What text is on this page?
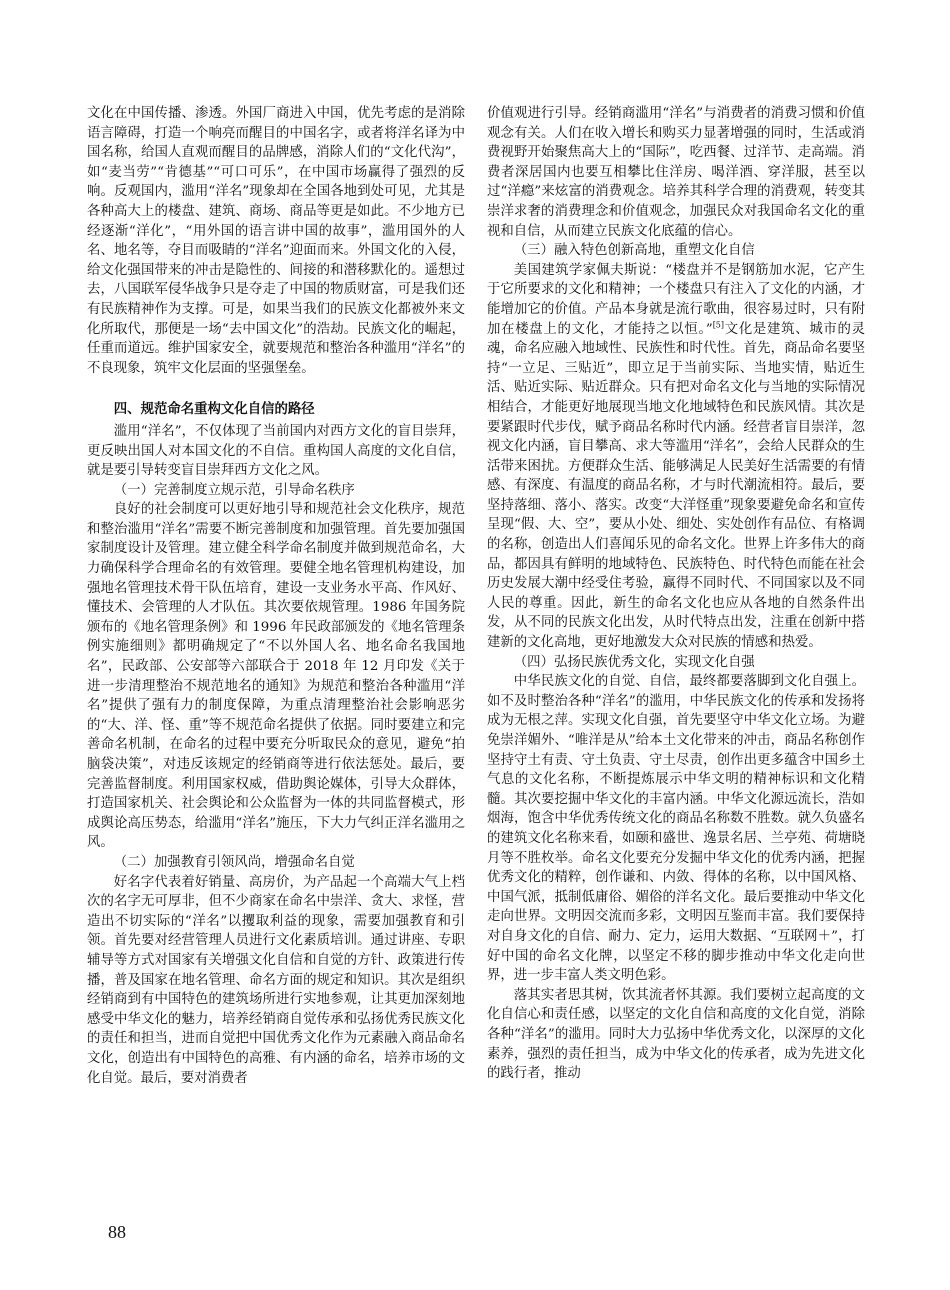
文化在中国传播、渗透。外国厂商进入中国，优先考虑的是消除语言障碍，打造一个响亮而醒目的中国名字，或者将洋名译为中国名称，给国人直观而醒目的品牌感，消除人们的“文化代沟”，如“麦当劳”“肯德基”“可口可乐”，在中国市场赢得了强烈的反响。反观国内，滥用“洋名”现象却在全国各地到处可见，尤其是各种高大上的楼盘、建筑、商场、商品等更是如此。不少地方已经逐渐“洋化”，“用外国的语言讲中国的故事”，滥用国外的人名、地名等，夺目而吸睛的“洋名”迎面而来。外国文化的入侵，给文化强国带来的冲击是隐性的、间接的和潜移默化的。遥想过去，八国联军侵华战争只是夺走了中国的物质财富，可是我们还有民族精神作为支撑。可是，如果当我们的民族文化都被外来文化所取代，那便是一场“去中国文化”的浩劫。民族文化的崛起，任重而道远。维护国家安全，就要规范和整治各种滥用“洋名”的不良现象，筑牢文化层面的坚强堡垒。

四、规范命名重构文化自信的路径

滥用“洋名”，不仅体现了当前国内对西方文化的盲目崇拜，更反映出国人对本国文化的不自信。重构国人高度的文化自信，就是要引导转变盲目崇拜西方文化之风。

（一）完善制度立规示范，引导命名秩序

良好的社会制度可以更好地引导和规范社会文化秩序，规范和整治滥用“洋名”需要不断完善制度和加强管理。首先要加强国家制度设计及管理。建立健全科学命名制度并做到规范命名，大力确保科学合理命名的有效管理。要健全地名管理机构建设，加强地名管理技术骨干队伍培育，建设一支业务水平高、作风好、懂技术、会管理的人才队伍。其次要依规管理。1986 年国务院颁布的《地名管理条例》和 1996 年民政部颁发的《地名管理条例实施细则》都明确规定了“不以外国人名、地名命名我国地名”，民政部、公安部等六部联合于 2018 年 12 月印发《关于进一步清理整治不规范地名的通知》为规范和整治各种滥用“洋名”提供了强有力的制度保障，为重点清理整治社会影响恶劣的“大、洋、怪、重”等不规范命名提供了依据。同时要建立和完善命名机制，在命名的过程中要充分听取民众的意见，避免“拍脑袋决策”，对违反该规定的经销商等进行依法惩处。最后，要完善监督制度。利用国家权威，借助舆论媒体，引导大众群体，打造国家机关、社会舆论和公众监督为一体的共同监督模式，形成舆论高压势态，给滥用“洋名”施压，下大力气纠正洋名滥用之风。

（二）加强教育引领风尚，增强命名自觉

好名字代表着好销量、高房价，为产品起一个高端大气上档次的名字无可厚非，但不少商家在命名中崇洋、贪大、求怪，营造出不切实际的“洋名”以攫取利益的现象，需要加强教育和引领。首先要对经营管理人员进行文化素质培训。通过讲座、专职辅导等方式对国家有关增强文化自信和自觉的方针、政策进行传播，普及国家在地名管理、命名方面的规定和知识。其次是组织经销商到有中国特色的建筑场所进行实地参观，让其更加深刻地感受中华文化的魅力，培养经销商自觉传承和弘扬优秀民族文化的责任和担当，进而自觉把中国优秀文化作为元素融入商品命名文化，创造出有中国特色的高雅、有内涵的命名，培养市场的文化自觉。最后，要对消费者

价值观进行引导。经销商滥用“洋名”与消费者的消费习惯和价值观念有关。人们在收入增长和购买力显著增强的同时，生活或消费视野开始聚焦高大上的“国际”，吃西餐、过洋节、走高端。消费者深居国内也要互相攀比住洋房、喝洋酒、穿洋服，甚至以过“洋瘾”来炫富的消费观念。培养其科学合理的消费观，转变其崇洋求奢的消费理念和价值观念，加强民众对我国命名文化的重视和自信，从而建立民族文化底蕴的信心。

（三）融入特色创新高地，重塑文化自信

美国建筑学家佩夫斯说：“楼盘并不是钢筋加水泥，它产生于它所要求的文化和精神；一个楼盘只有注入了文化的内涵，才能增加它的价值。产品本身就是流行歌曲，很容易过时，只有附加在楼盘上的文化，才能持之以恒。”[5]文化是建筑、城市的灵魂，命名应融入地域性、民族性和时代性。首先，商品命名要坚持“一立足、三贴近”，即立足于当前实际、当地实情，贴近生活、贴近实际、贴近群众。只有把对命名文化与当地的实际情况相结合，才能更好地展现当地文化地域特色和民族风情。其次是要紧跟时代步伐，赋予商品名称时代内涵。经营者盲目崇洋，忽视文化内涵，盲目攀高、求大等滥用“洋名”，会给人民群众的生活带来困扰。方便群众生活、能够满足人民美好生活需要的有情感、有深度、有温度的商品名称，才与时代潮流相符。最后，要坚持落细、落小、落实。改变“大洋怪重”现象要避免命名和宣传呈现“假、大、空”，要从小处、细处、实处创作有品位、有格调的名称，创造出人们喜闻乐见的命名文化。世界上许多伟大的商品，都因具有鲜明的地域特色、民族特色、时代特色而能在社会历史发展大潮中经受住考验，赢得不同时代、不同国家以及不同人民的尊重。因此，新生的命名文化也应从各地的自然条件出发，从不同的民族文化出发，从时代特点出发，注重在创新中搭建新的文化高地，更好地激发大众对民族的情感和热爱。

（四）弘扬民族优秀文化，实现文化自强

中华民族文化的自觉、自信，最终都要落脚到文化自强上。如不及时整治各种“洋名”的滥用，中华民族文化的传承和发扬将成为无根之萍。实现文化自强，首先要坚守中华文化立场。为避免崇洋媚外、“唯洋是从”给本土文化带来的冲击，商品名称创作坚持守土有责、守土负责、守土尽责，创作出更多蕴含中国乡土气息的文化名称，不断提炼展示中华文明的精神标识和文化精髓。其次要挖掘中华文化的丰富内涵。中华文化源远流长，浩如烟海，饱含中华优秀传统文化的商品名称数不胜数。就久负盛名的建筑文化名称来看，如颐和盛世、逸景名居、兰亭苑、荷塘晓月等不胜枚举。命名文化要充分发掘中华文化的优秀内涵，把握优秀文化的精粹，创作谦和、内敛、得体的名称，以中国风格、中国气派，抵制低庸俗、媚俗的洋名文化。最后要推动中华文化走向世界。文明因交流而多彩，文明因互鉴而丰富。我们要保持对自身文化的自信、耐力、定力，运用大数据、“互联网＋”，打好中国的命名文化牌，以坚定不移的脚步推动中华文化走向世界，进一步丰富人类文明色彩。

落其实者思其树，饮其流者怀其源。我们要树立起高度的文化自信心和责任感，以坚定的文化自信和高度的文化自觉，消除各种“洋名”的滥用。同时大力弘扬中华优秀文化，以深厚的文化素养，强烈的责任担当，成为中华文化的传承者，成为先进文化的践行者，推动

88
